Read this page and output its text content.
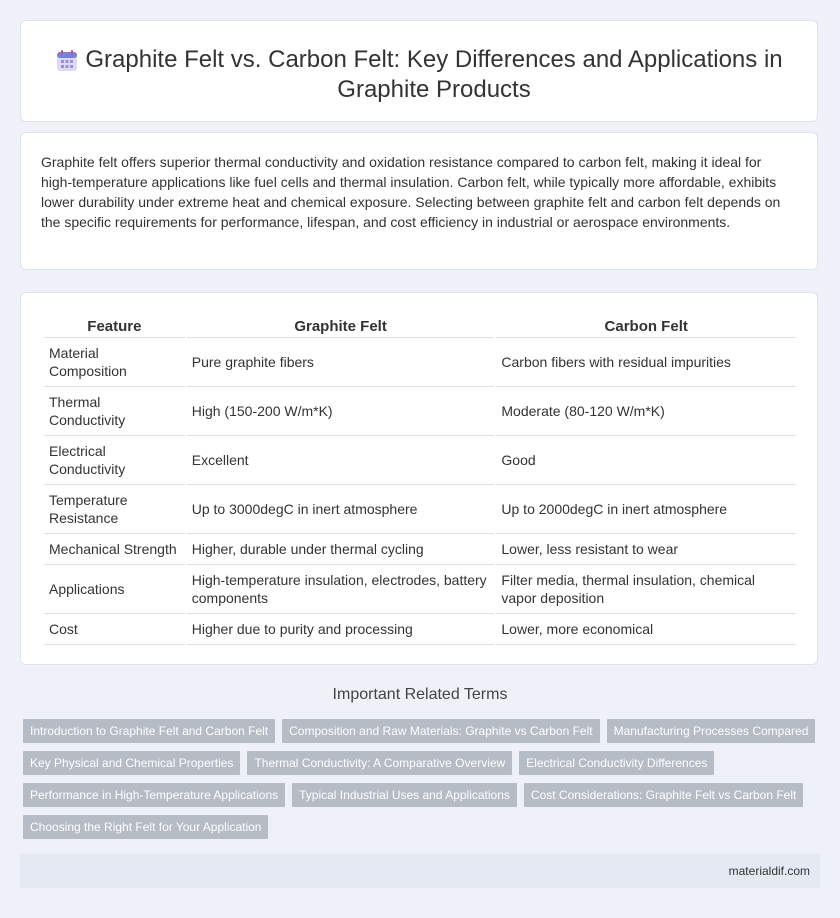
Graphite Felt vs. Carbon Felt: Key Differences and Applications in Graphite Products

Graphite felt offers superior thermal conductivity and oxidation resistance compared to carbon felt, making it ideal for high-temperature applications like fuel cells and thermal insulation. Carbon felt, while typically more affordable, exhibits lower durability under extreme heat and chemical exposure. Selecting between graphite felt and carbon felt depends on the specific requirements for performance, lifespan, and cost efficiency in industrial or aerospace environments.

Feature	Graphite Felt	Carbon Felt
Material Composition	Pure graphite fibers	Carbon fibers with residual impurities
Thermal Conductivity	High (150-200 W/m*K)	Moderate (80-120 W/m*K)
Electrical Conductivity	Excellent	Good
Temperature Resistance	Up to 3000degC in inert atmosphere	Up to 2000degC in inert atmosphere
Mechanical Strength	Higher, durable under thermal cycling	Lower, less resistant to wear
Applications	High-temperature insulation, electrodes, battery components	Filter media, thermal insulation, chemical vapor deposition
Cost	Higher due to purity and processing	Lower, more economical
Important Related Terms
Introduction to Graphite Felt and Carbon Felt	Composition and Raw Materials: Graphite vs Carbon Felt	Manufacturing Processes Compared
Key Physical and Chemical Properties	Thermal Conductivity: A Comparative Overview	Electrical Conductivity Differences
Performance in High-Temperature Applications	Typical Industrial Uses and Applications	Cost Considerations: Graphite Felt vs Carbon Felt
Choosing the Right Felt for Your Application
materialdif.com
